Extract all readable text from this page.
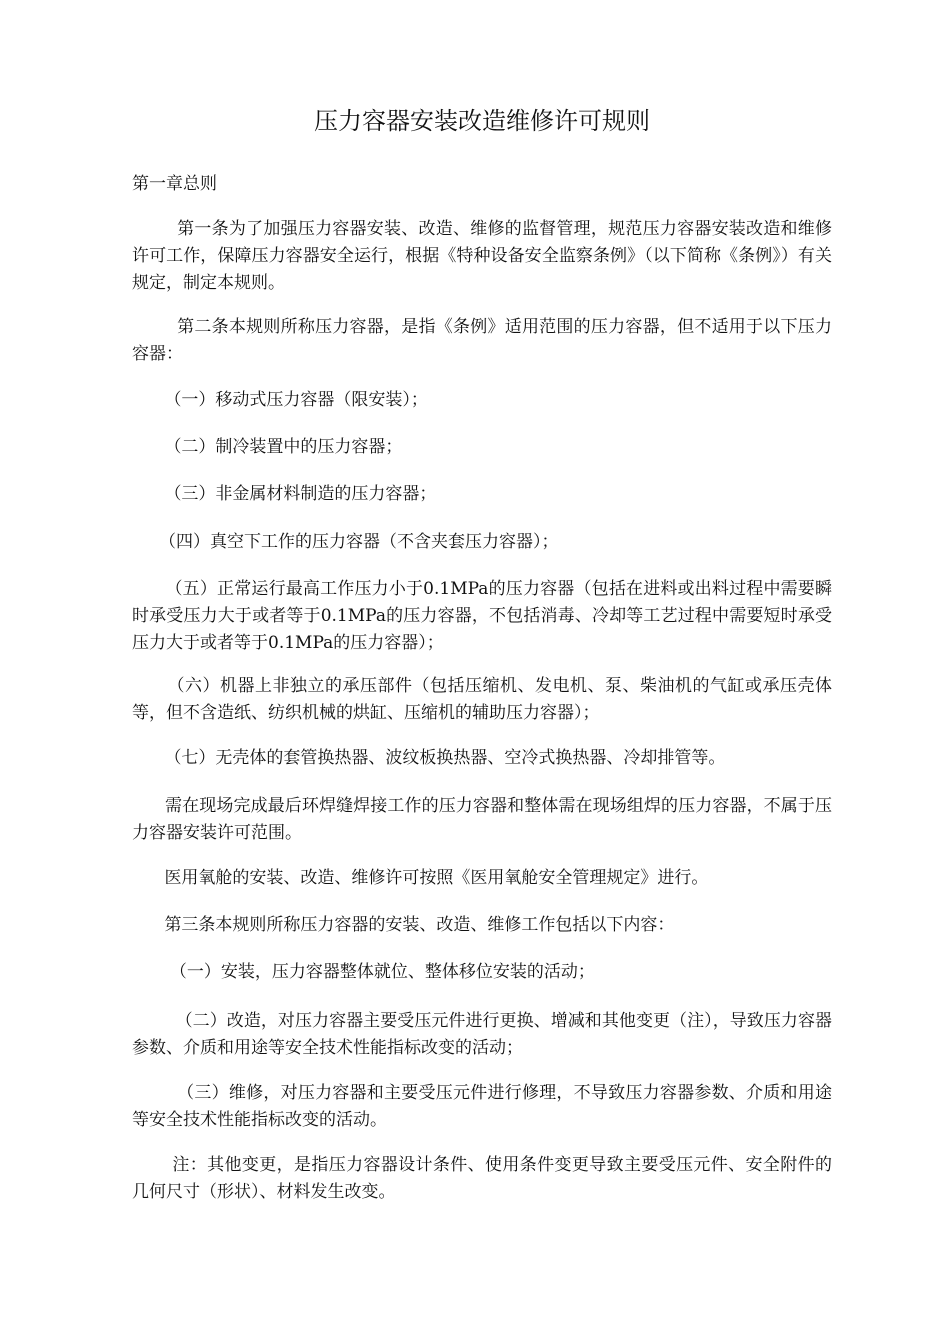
压力容器安装改造维修许可规则
第一章总则
第一条为了加强压力容器安装、改造、维修的监督管理，规范压力容器安装改造和维修许可工作，保障压力容器安全运行，根据《特种设备安全监察条例》（以下简称《条例》）有关规定，制定本规则。
第二条本规则所称压力容器，是指《条例》适用范围的压力容器，但不适用于以下压力容器：
（一）移动式压力容器（限安装）；
（二）制冷装置中的压力容器；
（三）非金属材料制造的压力容器；
（四）真空下工作的压力容器（不含夹套压力容器）；
（五）正常运行最高工作压力小于0.1MPa的压力容器（包括在进料或出料过程中需要瞬时承受压力大于或者等于0.1MPa的压力容器，不包括消毒、冷却等工艺过程中需要短时承受压力大于或者等于0.1MPa的压力容器）；
（六）机器上非独立的承压部件（包括压缩机、发电机、泵、柴油机的气缸或承压壳体等，但不含造纸、纺织机械的烘缸、压缩机的辅助压力容器）；
（七）无壳体的套管换热器、波纹板换热器、空冷式换热器、冷却排管等。
需在现场完成最后环焊缝焊接工作的压力容器和整体需在现场组焊的压力容器，不属于压力容器安装许可范围。
医用氧舱的安装、改造、维修许可按照《医用氧舱安全管理规定》进行。
第三条本规则所称压力容器的安装、改造、维修工作包括以下内容：
（一）安装，压力容器整体就位、整体移位安装的活动；
（二）改造，对压力容器主要受压元件进行更换、增减和其他变更（注），导致压力容器参数、介质和用途等安全技术性能指标改变的活动；
（三）维修，对压力容器和主要受压元件进行修理，不导致压力容器参数、介质和用途等安全技术性能指标改变的活动。
注：其他变更，是指压力容器设计条件、使用条件变更导致主要受压元件、安全附件的几何尺寸（形状）、材料发生改变。
